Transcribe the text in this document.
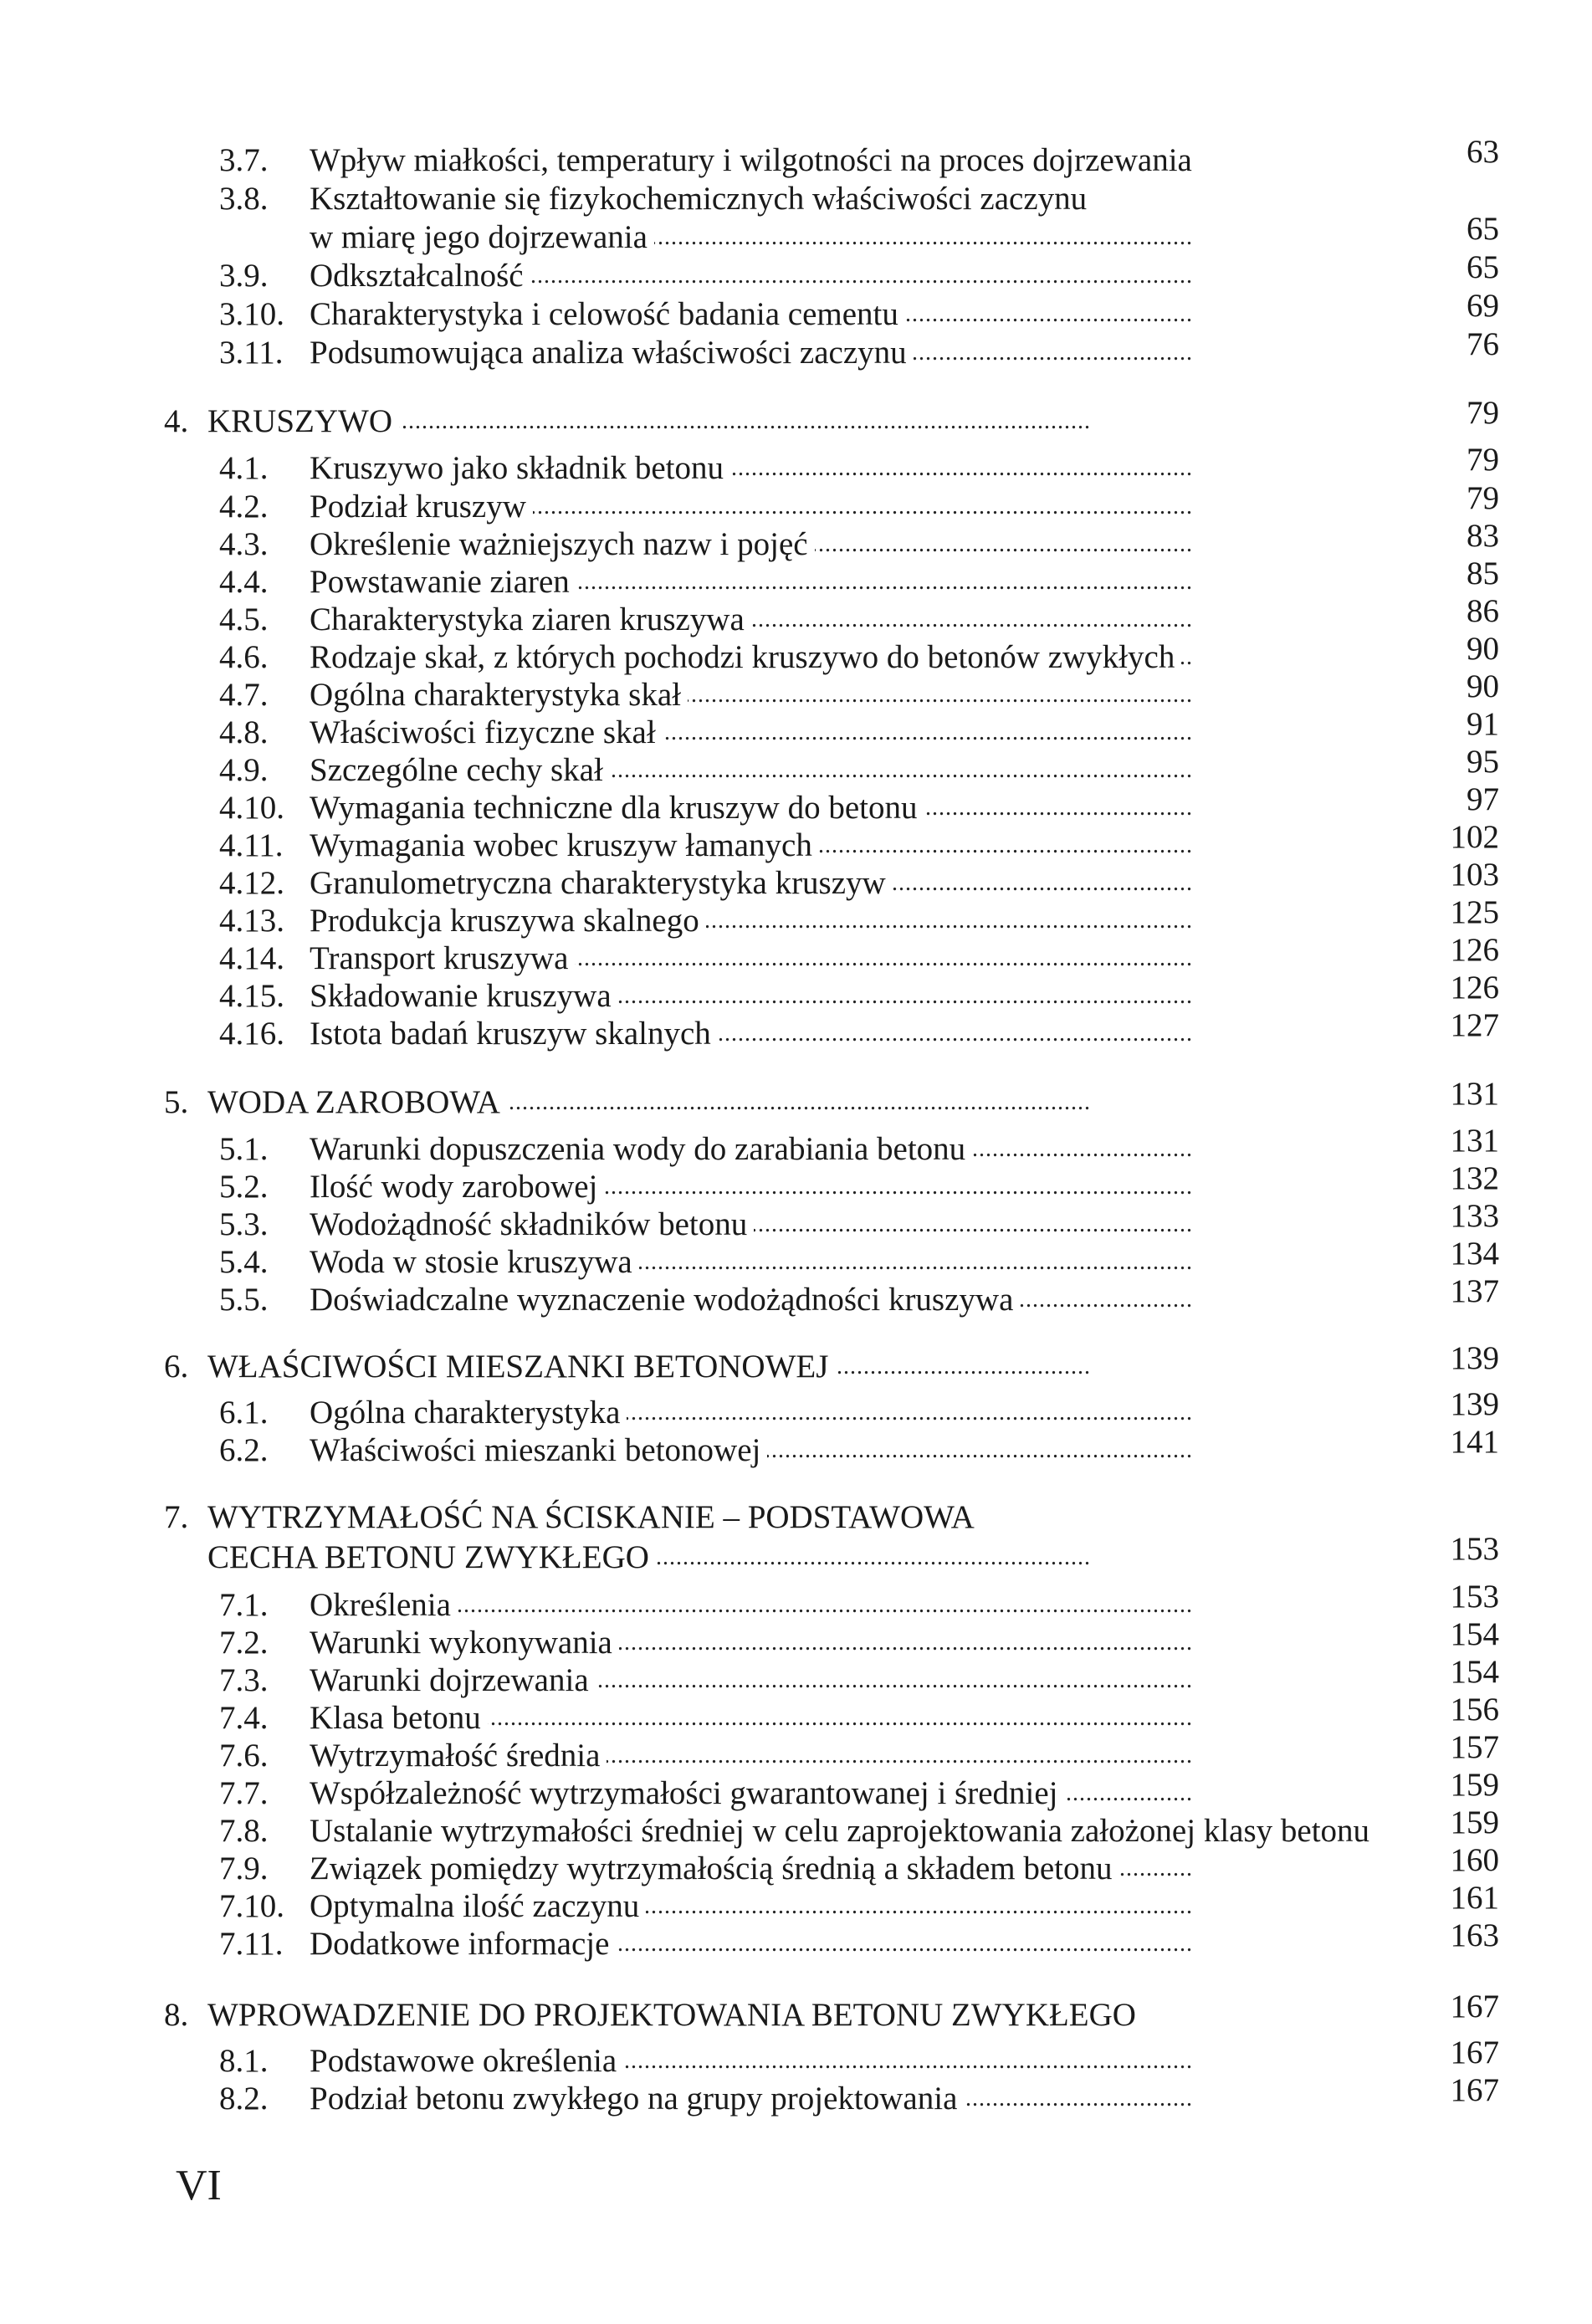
3.7. Wpływ miałkości, temperatury i wilgotności na proces dojrzewania . . .	63
3.8. Kształtowanie się fizykochemicznych właściwości zaczynu
w miarę jego dojrzewania . . .	65
3.9. Odkształcalność . . .	65
3.10. Charakterystyka i celowość badania cementu . . .	69
3.11. Podsumowująca analiza właściwości zaczynu . . .	76
4. KRUSZYWO . . .	79
4.1. Kruszywo jako składnik betonu . . .	79
4.2. Podział kruszyw . . .	79
4.3. Określenie ważniejszych nazw i pojęć . . .	83
4.4. Powstawanie ziaren . . .	85
4.5. Charakterystyka ziaren kruszywa . . .	86
4.6. Rodzaje skał, z których pochodzi kruszywo do betonów zwykłych . . .	90
4.7. Ogólna charakterystyka skał . . .	90
4.8. Właściwości fizyczne skał . . .	91
4.9. Szczególne cechy skał . . .	95
4.10. Wymagania techniczne dla kruszyw do betonu . . .	97
4.11. Wymagania wobec kruszyw łamanych . . .	102
4.12. Granulometryczna charakterystyka kruszyw . . .	103
4.13. Produkcja kruszywa skalnego . . .	125
4.14. Transport kruszywa . . .	126
4.15. Składowanie kruszywa . . .	126
4.16. Istota badań kruszyw skalnych . . .	127
5. WODA ZAROBOWA . . .	131
5.1. Warunki dopuszczenia wody do zarabiania betonu . . .	131
5.2. Ilość wody zarobowej . . .	132
5.3. Wodożądność składników betonu . . .	133
5.4. Woda w stosie kruszywa . . .	134
5.5. Doświadczalne wyznaczenie wodożądności kruszywa . . .	137
6. WŁAŚCIWOŚCI MIESZANKI BETONOWEJ . . .	139
6.1. Ogólna charakterystyka . . .	139
6.2. Właściwości mieszanki betonowej . . .	141
7. WYTRZYMAŁOŚĆ NA ŚCISKANIE – PODSTAWOWA
CECHA BETONU ZWYKŁEGO . . .	153
7.1. Określenia . . .	153
7.2. Warunki wykonywania . . .	154
7.3. Warunki dojrzewania . . .	154
7.4. Klasa betonu . . .	156
7.6. Wytrzymałość średnia . . .	157
7.7. Współzależność wytrzymałości gwarantowanej i średniej . . .	159
7.8. Ustalanie wytrzymałości średniej w celu zaprojektowania założonej klasy betonu . . .	159
7.9. Związek pomiędzy wytrzymałością średnią a składem betonu . . .	160
7.10. Optymalna ilość zaczynu . . .	161
7.11. Dodatkowe informacje . . .	163
8. WPROWADZENIE DO PROJEKTOWANIA BETONU ZWYKŁEGO . . .	167
8.1. Podstawowe określenia . . .	167
8.2. Podział betonu zwykłego na grupy projektowania . . .	167
VI
